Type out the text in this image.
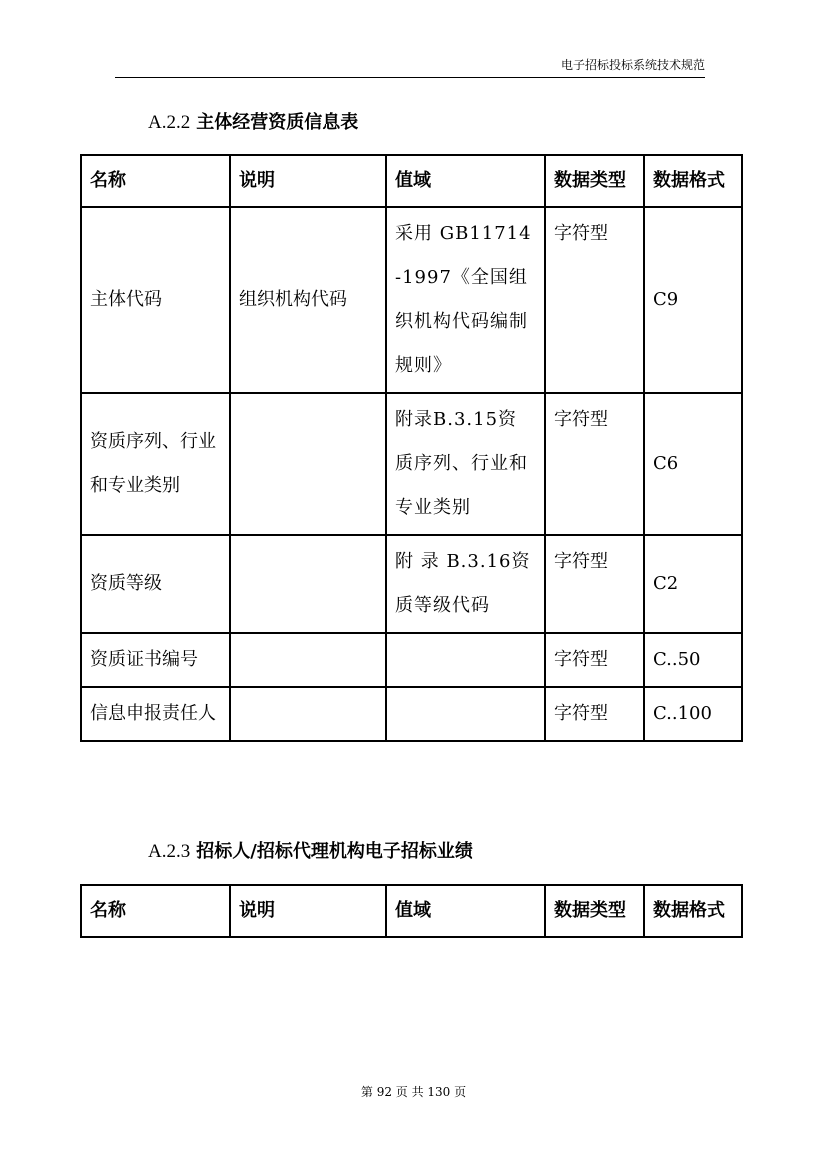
电子招标投标系统技术规范
A.2.2 主体经营资质信息表
名称	说明	值域	数据类型	数据格式
主体代码	组织机构代码	采用 GB11714-1997《全国组织机构代码编制规则》	字符型	C9
资质序列、行业和专业类别		附录B.3.15资质序列、行业和专业类别	字符型	C6
资质等级		附 录 B.3.16资质等级代码	字符型	C2
资质证书编号			字符型	C..50
信息申报责任人			字符型	C..100
A.2.3 招标人/招标代理机构电子招标业绩
名称	说明	值域	数据类型	数据格式
第 92 页 共 130 页
